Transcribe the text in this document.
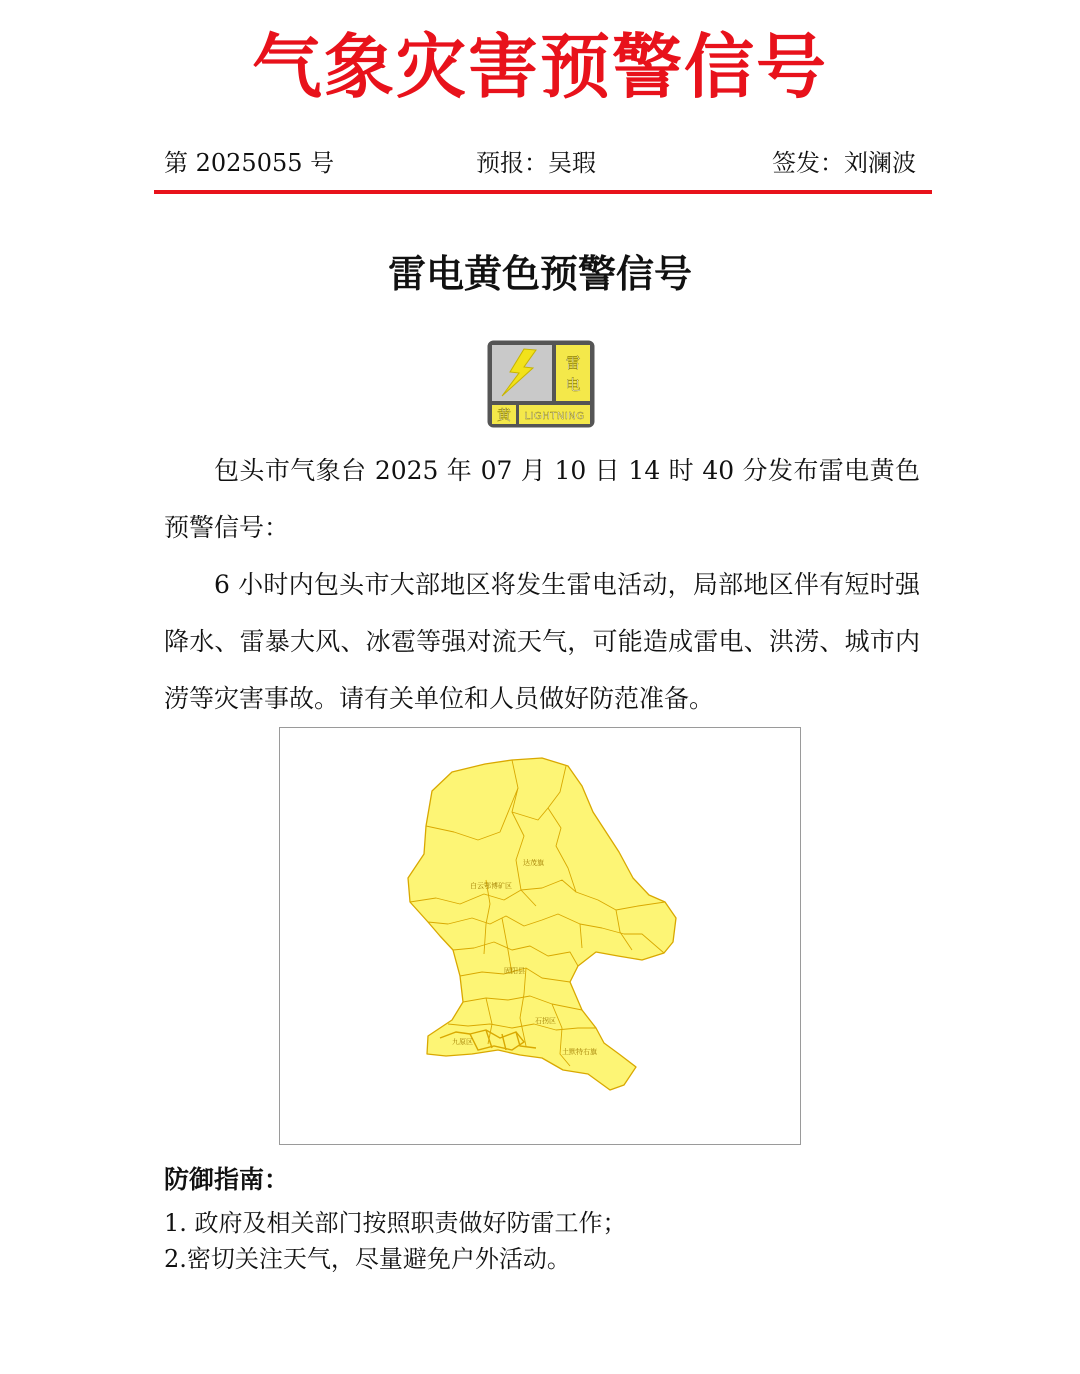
气象灾害预警信号
第 2025055 号	预报：吴瑕	签发：刘澜波
雷电黄色预警信号
雷
电
黄 LIGHTNING

包头市气象台 2025 年 07 月 10 日 14 时 40 分发布雷电黄色预警信号：

6 小时内包头市大部地区将发生雷电活动，局部地区伴有短时强降水、雷暴大风、冰雹等强对流天气，可能造成雷电、洪涝、城市内涝等灾害事故。请有关单位和人员做好防范准备。

达茂旗
白云鄂博矿区
固阳县
九原区
石拐区
土默特右旗
防御指南：
1. 政府及相关部门按照职责做好防雷工作；
2.密切关注天气，尽量避免户外活动。
